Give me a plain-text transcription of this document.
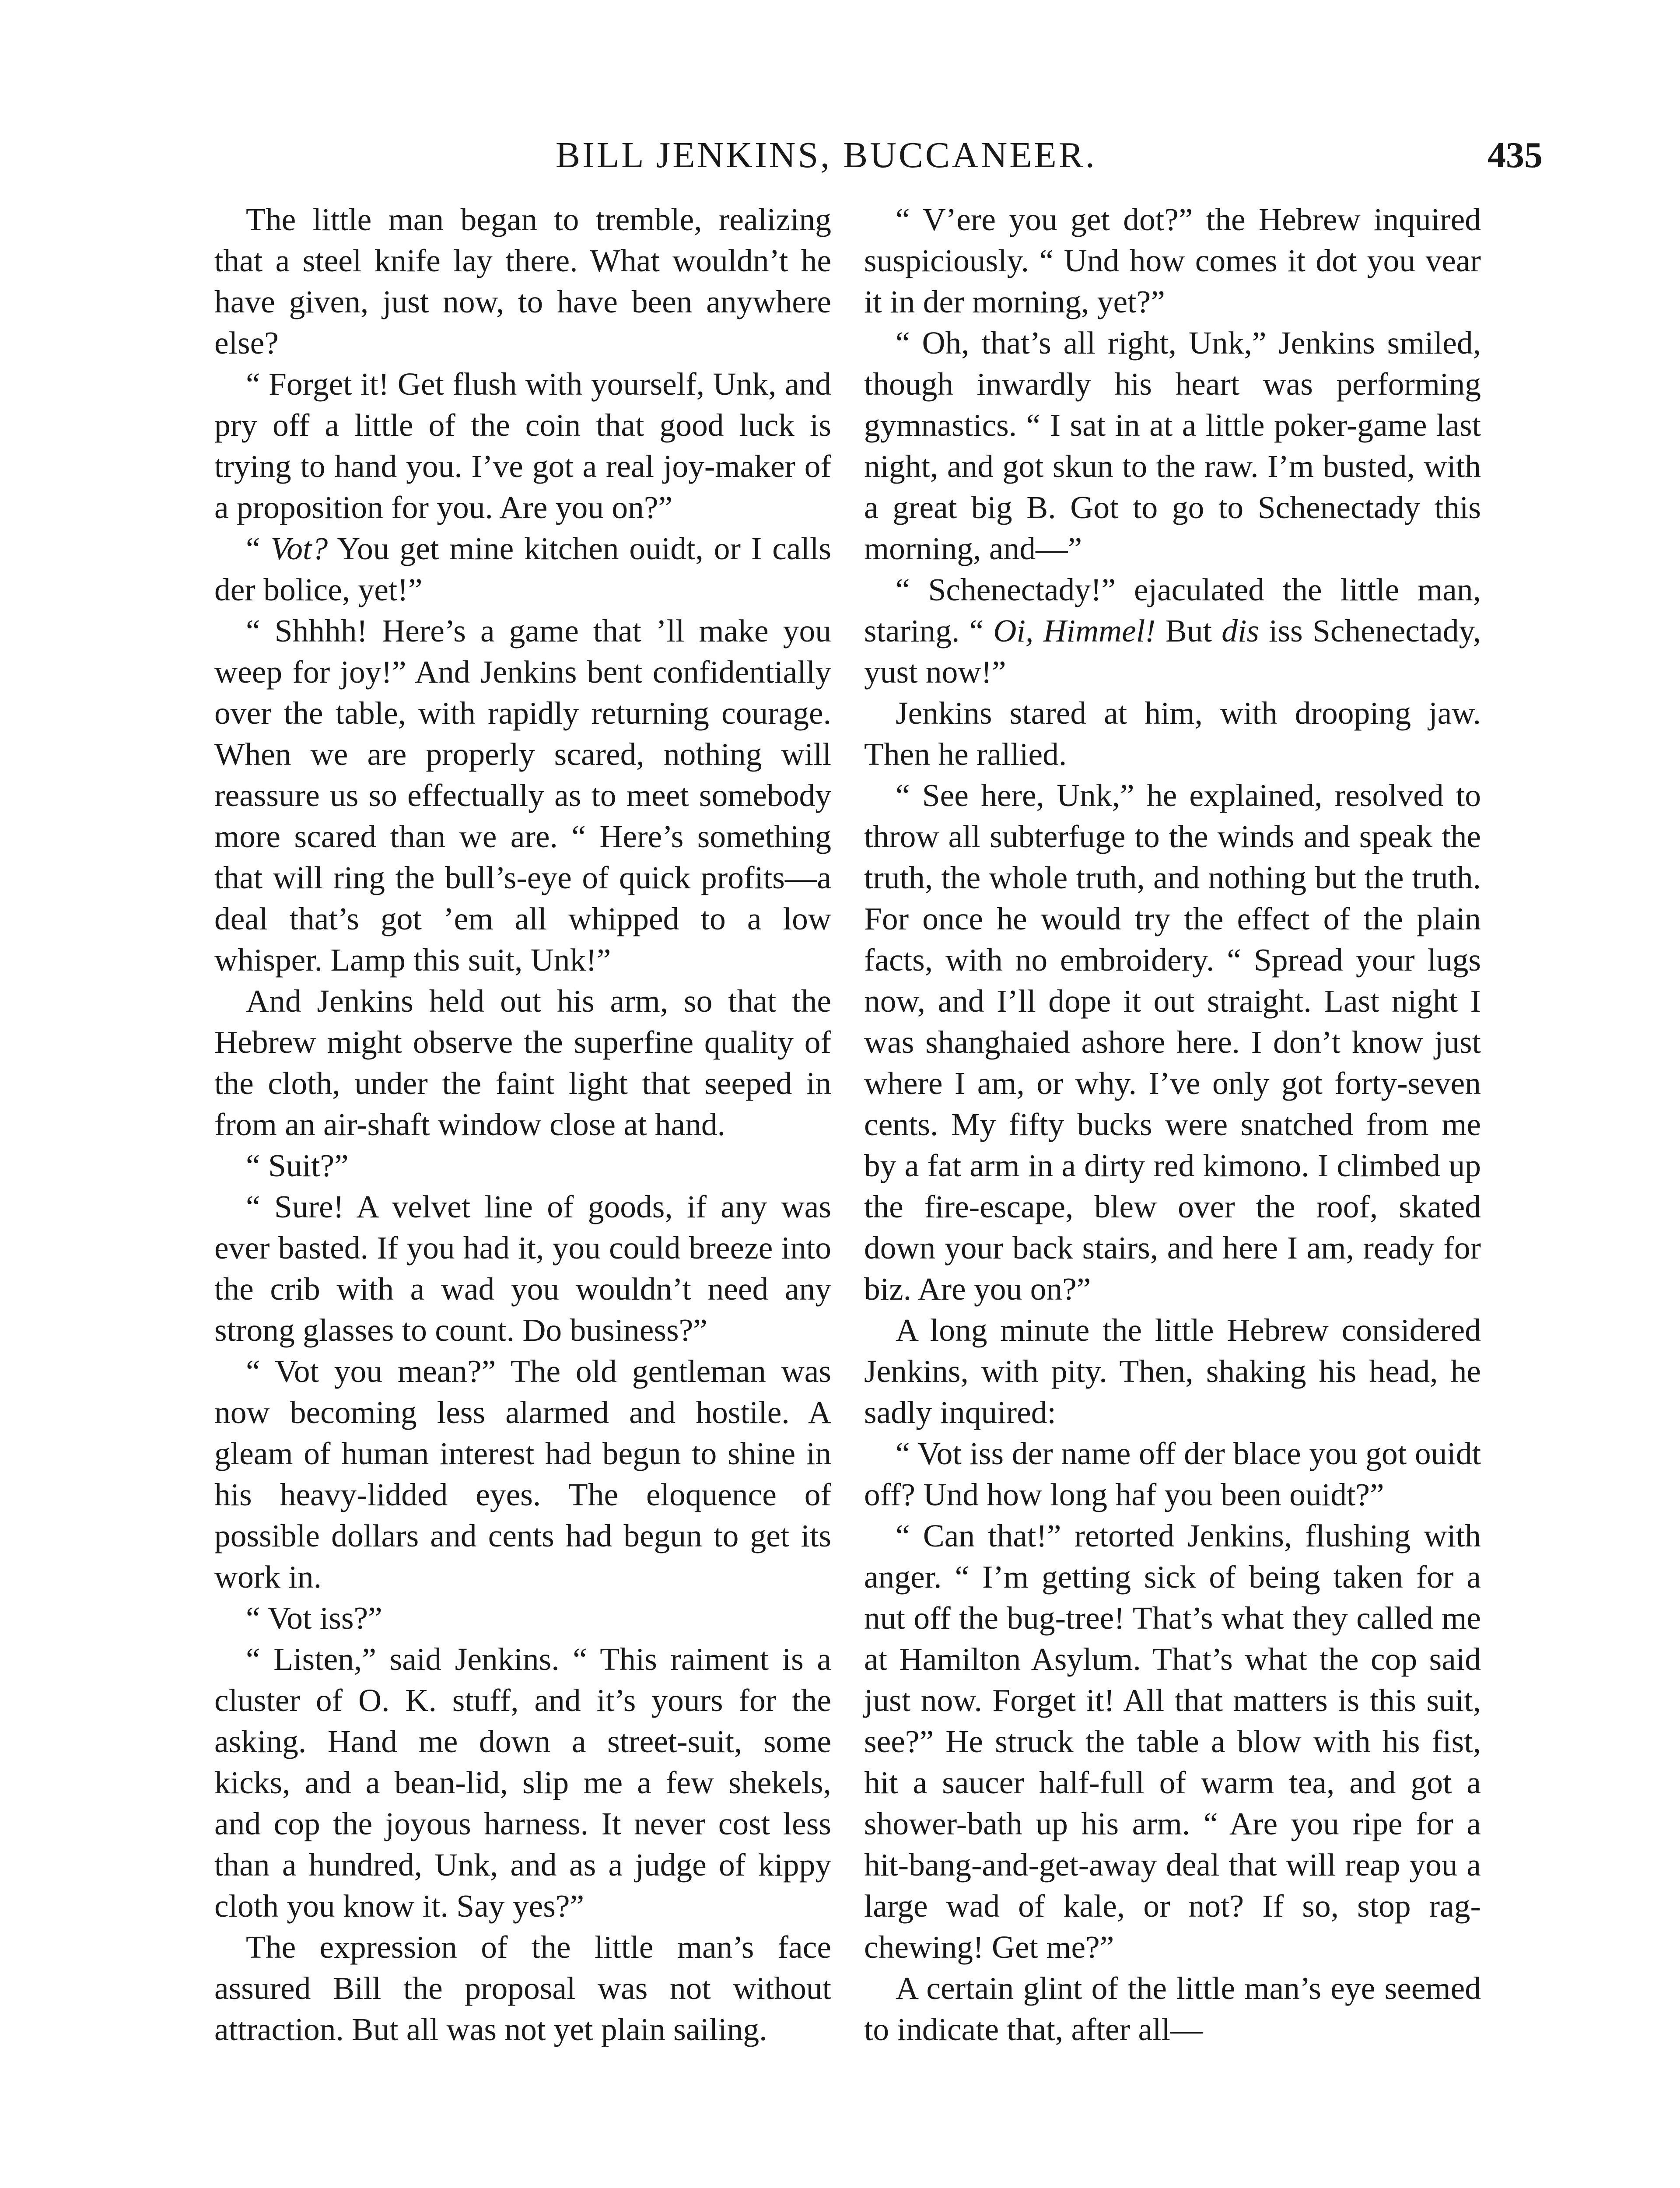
BILL JENKINS, BUCCANEER.	435

The little man began to tremble, realizing that a steel knife lay there. What wouldn’t he have given, just now, to have been anywhere else?

“ Forget it! Get flush with yourself, Unk, and pry off a little of the coin that good luck is trying to hand you. I’ve got a real joy-maker of a proposition for you. Are you on?”

“ Vot? You get mine kitchen ouidt, or I calls der bolice, yet!”

“ Shhhh! Here’s a game that ’ll make you weep for joy!” And Jenkins bent confidentially over the table, with rapidly returning courage. When we are properly scared, nothing will reassure us so effectually as to meet somebody more scared than we are. “ Here’s something that will ring the bull’s-eye of quick profits—a deal that’s got ’em all whipped to a low whisper. Lamp this suit, Unk!”

And Jenkins held out his arm, so that the Hebrew might observe the superfine quality of the cloth, under the faint light that seeped in from an air-shaft window close at hand.

“ Suit?”

“ Sure! A velvet line of goods, if any was ever basted. If you had it, you could breeze into the crib with a wad you wouldn’t need any strong glasses to count. Do business?”

“ Vot you mean?” The old gentleman was now becoming less alarmed and hostile. A gleam of human interest had begun to shine in his heavy-lidded eyes. The eloquence of possible dollars and cents had begun to get its work in.

“ Vot iss?”

“ Listen,” said Jenkins. “ This raiment is a cluster of O. K. stuff, and it’s yours for the asking. Hand me down a street-suit, some kicks, and a bean-lid, slip me a few shekels, and cop the joyous harness. It never cost less than a hundred, Unk, and as a judge of kippy cloth you know it. Say yes?”

The expression of the little man’s face assured Bill the proposal was not without attraction. But all was not yet plain sailing.

“ V’ere you get dot?” the Hebrew inquired suspiciously. “ Und how comes it dot you vear it in der morning, yet?”

“ Oh, that’s all right, Unk,” Jenkins smiled, though inwardly his heart was performing gymnastics. “ I sat in at a little poker-game last night, and got skun to the raw. I’m busted, with a great big B. Got to go to Schenectady this morning, and—”

“ Schenectady!” ejaculated the little man, staring. “ Oi, Himmel! But dis iss Schenectady, yust now!”

Jenkins stared at him, with drooping jaw. Then he rallied.

“ See here, Unk,” he explained, resolved to throw all subterfuge to the winds and speak the truth, the whole truth, and nothing but the truth. For once he would try the effect of the plain facts, with no embroidery. “ Spread your lugs now, and I’ll dope it out straight. Last night I was shanghaied ashore here. I don’t know just where I am, or why. I’ve only got forty-seven cents. My fifty bucks were snatched from me by a fat arm in a dirty red kimono. I climbed up the fire-escape, blew over the roof, skated down your back stairs, and here I am, ready for biz. Are you on?”

A long minute the little Hebrew considered Jenkins, with pity. Then, shaking his head, he sadly inquired:

“ Vot iss der name off der blace you got ouidt off? Und how long haf you been ouidt?”

“ Can that!” retorted Jenkins, flushing with anger. “ I’m getting sick of being taken for a nut off the bug-tree! That’s what they called me at Hamilton Asylum. That’s what the cop said just now. Forget it! All that matters is this suit, see?” He struck the table a blow with his fist, hit a saucer half-full of warm tea, and got a shower-bath up his arm. “ Are you ripe for a hit-bang-and-get-away deal that will reap you a large wad of kale, or not? If so, stop rag-chewing! Get me?”

A certain glint of the little man’s eye seemed to indicate that, after all—
